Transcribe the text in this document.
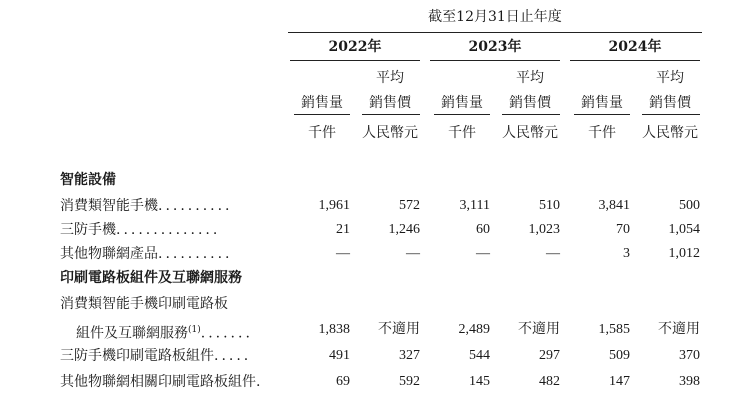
截至12月31日止年度
2022年	2023年	2024年
平均	平均	平均
銷售量	銷售價	銷售量	銷售價	銷售量	銷售價
千件	人民幣元	千件	人民幣元	千件	人民幣元
智能設備
消費類智能手機..........	1,961	572	3,111	510	3,841	500
三防手機..............	21	1,246	60	1,023	70	1,054
其他物聯網產品..........	—	—	—	—	3	1,012
印刷電路板組件及互聯網服務
消費類智能手機印刷電路板
組件及互聯網服務$^{(1)}$.......	1,838	不適用	2,489	不適用	1,585	不適用
三防手機印刷電路板組件.....	491	327	544	297	509	370
其他物聯網相關印刷電路板組件.	69	592	145	482	147	398
